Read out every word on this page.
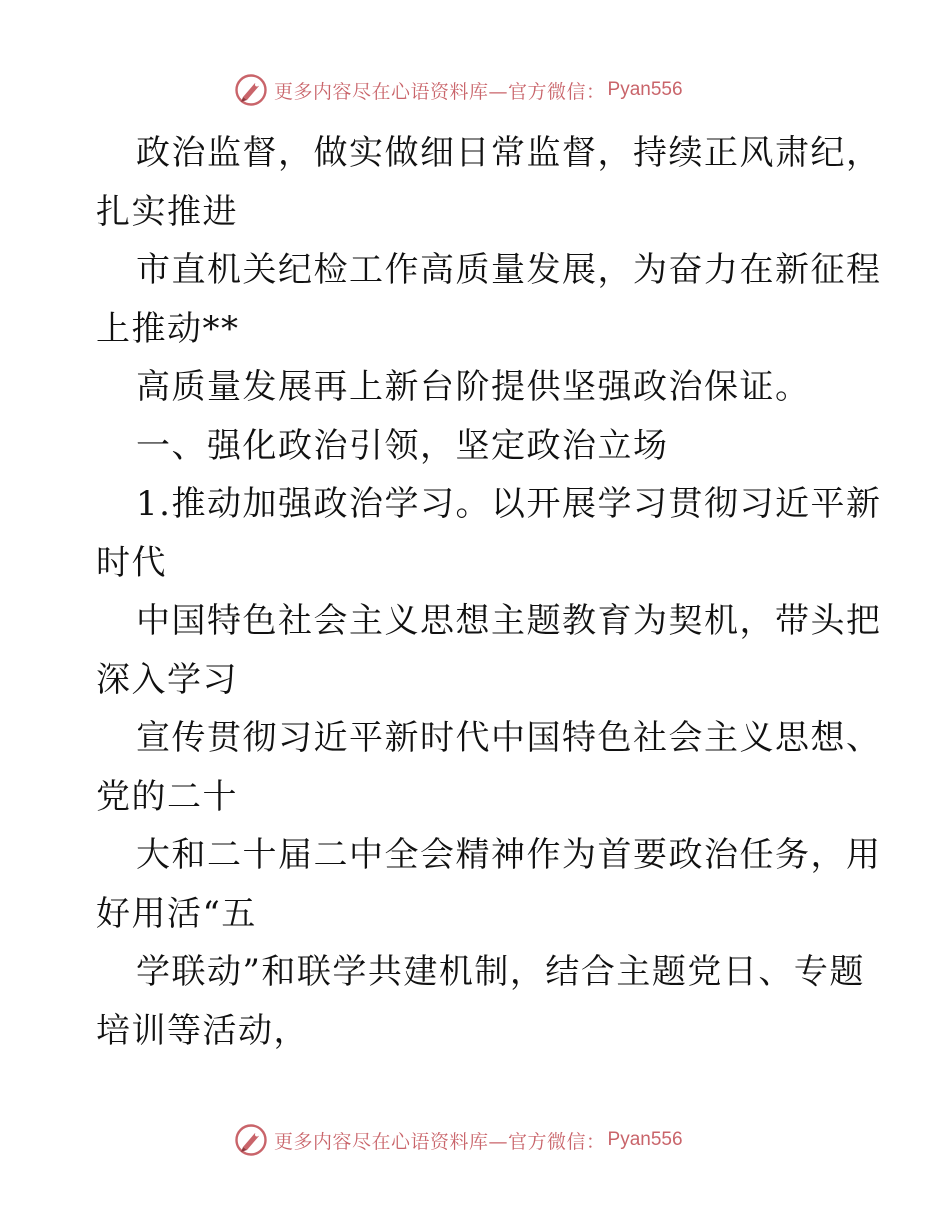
更多内容尽在心语资料库—官方微信： Pyan556
政治监督，做实做细日常监督，持续正风肃纪，
扎实推进
市直机关纪检工作高质量发展，为奋力在新征程
上推动**
高质量发展再上新台阶提供坚强政治保证。
一、强化政治引领，坚定政治立场
1.推动加强政治学习。以开展学习贯彻习近平新
时代
中国特色社会主义思想主题教育为契机，带头把
深入学习
宣传贯彻习近平新时代中国特色社会主义思想、
党的二十
大和二十届二中全会精神作为首要政治任务，用
好用活“五
学联动”和联学共建机制，结合主题党日、专题
培训等活动，
更多内容尽在心语资料库—官方微信： Pyan556
